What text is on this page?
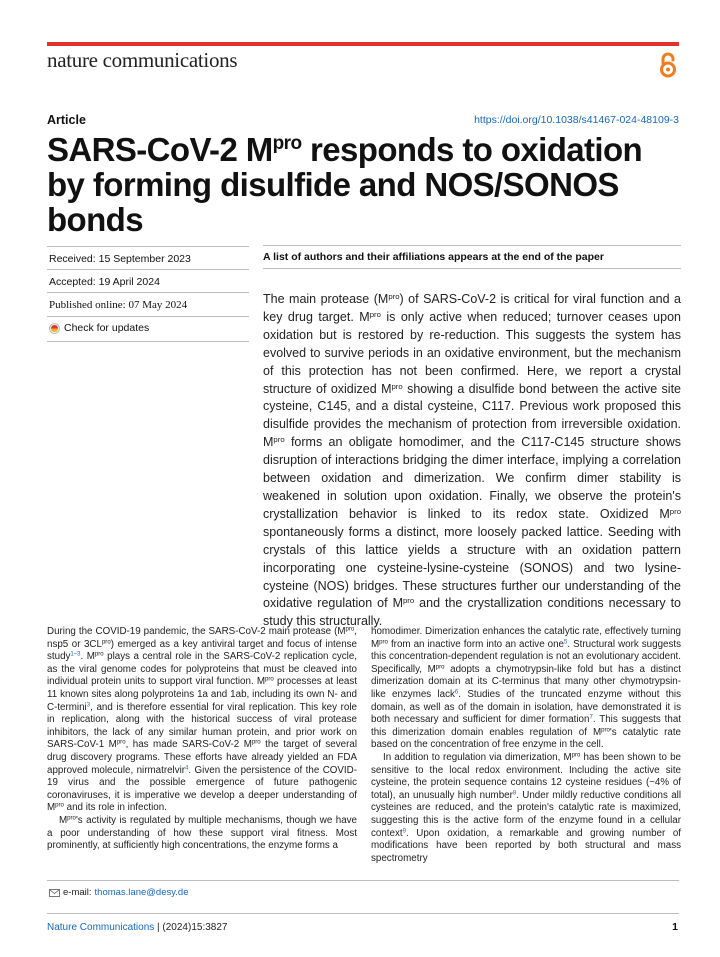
nature communications
Article	https://doi.org/10.1038/s41467-024-48109-3
SARS-CoV-2 $M^{pro}$ responds to oxidation by forming disulfide and NOS/SONOS bonds
Received: 15 September 2023
Accepted: 19 April 2024
Published online: 07 May 2024
Check for updates
A list of authors and their affiliations appears at the end of the paper

The main protease $(M^{pro})$ of SARS-CoV-2 is critical for viral function and a key drug target. $M^{pro}$ is only active when reduced; turnover ceases upon oxidation but is restored by re-reduction. This suggests the system has evolved to survive periods in an oxidative environment, but the mechanism of this protection has not been confirmed. Here, we report a crystal structure of oxidized $M^{pro}$ showing a disulfide bond between the active site cysteine, C145, and a distal cysteine, C117. Previous work proposed this disulfide provides the mechanism of protection from irreversible oxidation. $M^{pro}$ forms an obligate homodimer, and the C117-C145 structure shows disruption of interactions bridging the dimer interface, implying a correlation between oxidation and dimerization. We confirm dimer stability is weakened in solution upon oxidation. Finally, we observe the protein's crystallization behavior is linked to its redox state. Oxidized $M^{pro}$ spontaneously forms a distinct, more loosely packed lattice. Seeding with crystals of this lattice yields a structure with an oxidation pattern incorporating one cysteine-lysine-cysteine (SONOS) and two lysine-cysteine (NOS) bridges. These structures further our understanding of the oxidative regulation of $M^{pro}$ and the crystallization conditions necessary to study this structurally.

During the COVID-19 pandemic, the SARS-CoV-2 main protease ($M^{pro}$, nsp5 or $3CL^{pro}$) emerged as a key antiviral target and focus of intense study$^{1-3}$. $M^{pro}$ plays a central role in the SARS-CoV-2 replication cycle, as the viral genome codes for polyproteins that must be cleaved into individual protein units to support viral function. $M^{pro}$ processes at least 11 known sites along polyproteins 1a and 1ab, including its own N- and C-termini$^3$, and is therefore essential for viral replication. This key role in replication, along with the historical success of viral protease inhibitors, the lack of any similar human protein, and prior work on SARS-CoV-1 $M^{pro}$, has made SARS-CoV-2 $M^{pro}$ the target of several drug discovery programs. These efforts have already yielded an FDA approved molecule, nirmatrelvir$^4$. Given the persistence of the COVID-19 virus and the possible emergence of future pathogenic coronaviruses, it is imperative we develop a deeper understanding of $M^{pro}$ and its role in infection.

$M^{pro}'s$ activity is regulated by multiple mechanisms, though we have a poor understanding of how these support viral fitness. Most prominently, at sufficiently high concentrations, the enzyme forms a

homodimer. Dimerization enhances the catalytic rate, effectively turning $M^{pro}$ from an inactive form into an active one$^5$. Structural work suggests this concentration-dependent regulation is not an evolutionary accident. Specifically, $M^{pro}$ adopts a chymotrypsin-like fold but has a distinct dimerization domain at its C-terminus that many other chymotrypsin-like enzymes lack$^6$. Studies of the truncated enzyme without this domain, as well as of the domain in isolation, have demonstrated it is both necessary and sufficient for dimer formation$^7$. This suggests that this dimerization domain enables regulation of $M^{pro}'s$ catalytic rate based on the concentration of free enzyme in the cell.

In addition to regulation via dimerization, $M^{pro}$ has been shown to be sensitive to the local redox environment. Including the active site cysteine, the protein sequence contains 12 cysteine residues (~4% of total), an unusually high number$^8$. Under mildly reductive conditions all cysteines are reduced, and the protein's catalytic rate is maximized, suggesting this is the active form of the enzyme found in a cellular context$^9$. Upon oxidation, a remarkable and growing number of modifications have been reported by both structural and mass spectrometry

e-mail: thomas.lane@desy.de
Nature Communications | (2024)15:3827	1
